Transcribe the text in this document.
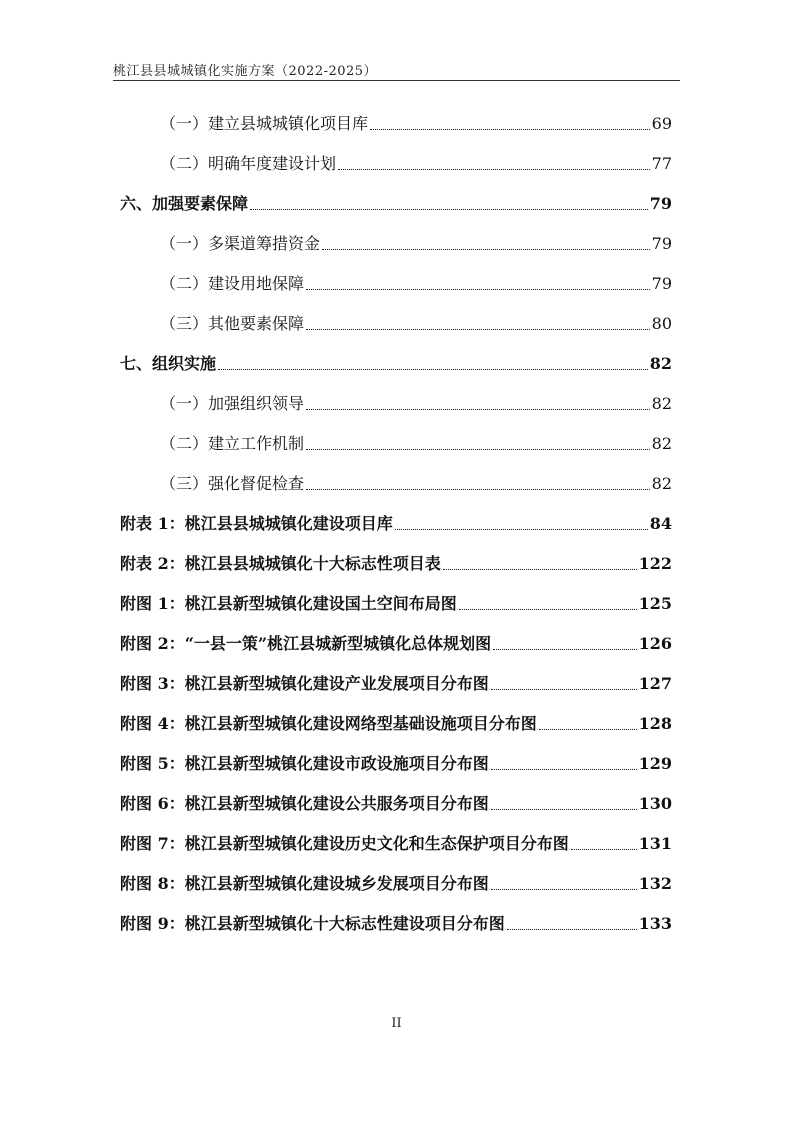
桃江县县城城镇化实施方案（2022-2025）
（一）建立县城城镇化项目库	69
（二）明确年度建设计划	77
六、加强要素保障	79
（一）多渠道筹措资金	79
（二）建设用地保障	79
（三）其他要素保障	80
七、组织实施	82
（一）加强组织领导	82
（二）建立工作机制	82
（三）强化督促检查	82
附表 1：桃江县县城城镇化建设项目库	84
附表 2：桃江县县城城镇化十大标志性项目表	122
附图 1：桃江县新型城镇化建设国土空间布局图	125
附图 2：“一县一策”桃江县城新型城镇化总体规划图	126
附图 3：桃江县新型城镇化建设产业发展项目分布图	127
附图 4：桃江县新型城镇化建设网络型基础设施项目分布图	128
附图 5：桃江县新型城镇化建设市政设施项目分布图	129
附图 6：桃江县新型城镇化建设公共服务项目分布图	130
附图 7：桃江县新型城镇化建设历史文化和生态保护项目分布图	131
附图 8：桃江县新型城镇化建设城乡发展项目分布图	132
附图 9：桃江县新型城镇化十大标志性建设项目分布图	133
II
